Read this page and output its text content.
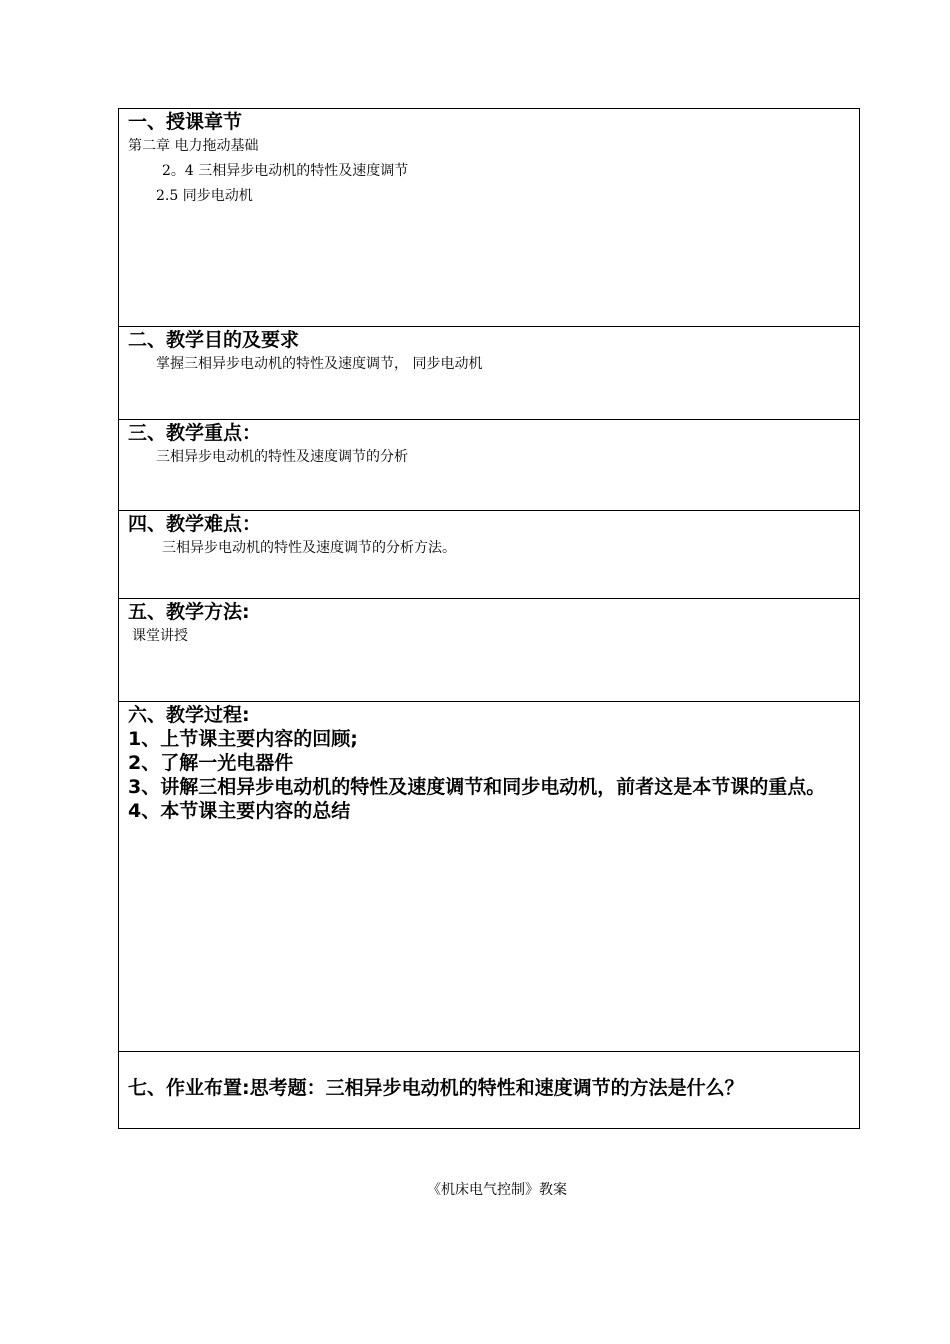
一、授课章节

第二章 电力拖动基础

2。4 三相异步电动机的特性及速度调节

2.5 同步电动机

二、教学目的及要求

掌握三相异步电动机的特性及速度调节， 同步电动机

三、教学重点：

三相异步电动机的特性及速度调节的分析

四、教学难点：

三相异步电动机的特性及速度调节的分析方法。

五、教学方法:

课堂讲授

六、教学过程:

1、上节课主要内容的回顾;

2、了解一光电器件

3、讲解三相异步电动机的特性及速度调节和同步电动机，前者这是本节课的重点。

4、本节课主要内容的总结

七、作业布置:思考题：三相异步电动机的特性和速度调节的方法是什么？

《机床电气控制》教案
